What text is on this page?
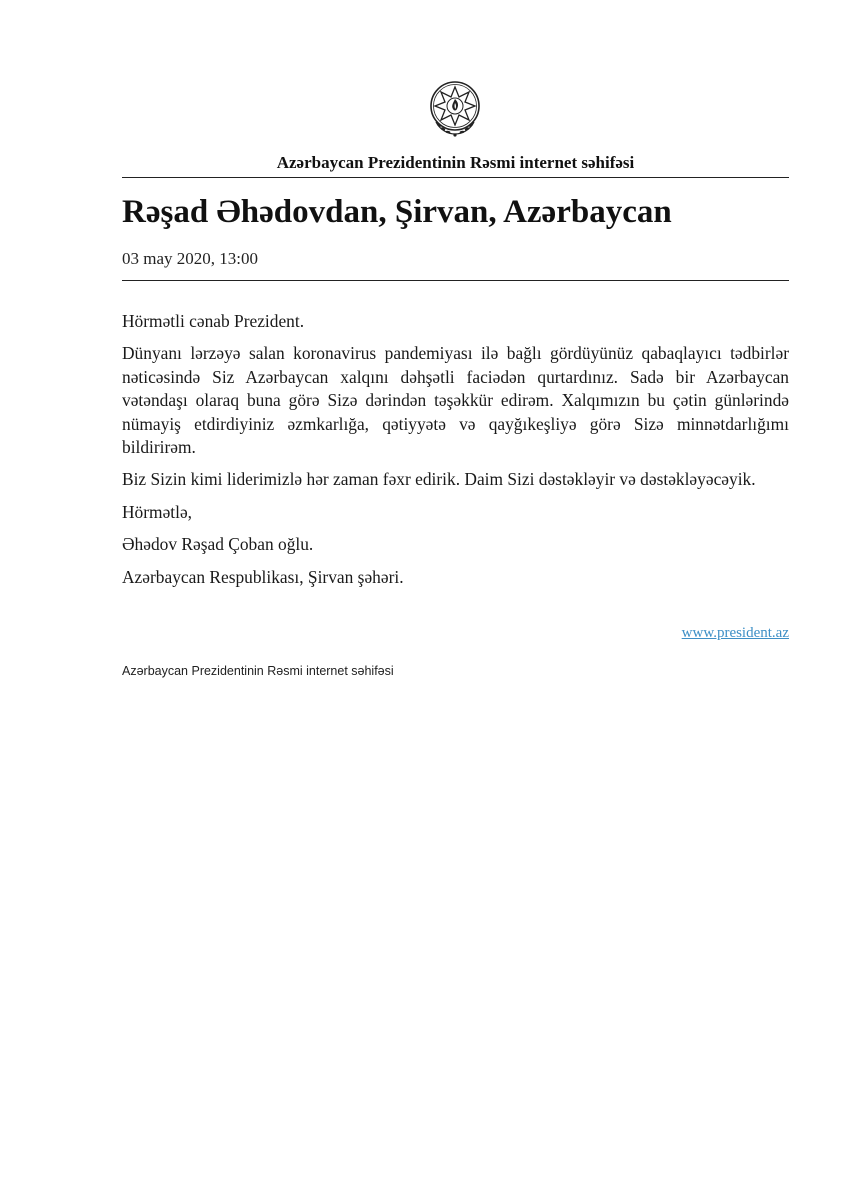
Azərbaycan Prezidentinin Rəsmi internet səhifəsi
Rəşad Əhədovdan, Şirvan, Azərbaycan
03 may 2020, 13:00

Hörmətli cənab Prezident.

Dünyanı lərzəyə salan koronavirus pandemiyası ilə bağlı gördüyünüz qabaqlayıcı tədbirlər nəticəsində Siz Azərbaycan xalqını dəhşətli faciədən qurtardınız. Sadə bir Azərbaycan vətəndaşı olaraq buna görə Sizə dərindən təşəkkür edirəm. Xalqımızın bu çətin günlərində nümayiş etdirdiyiniz əzmkarlığa, qətiyyətə və qayğıkeşliyə görə Sizə minnətdarlığımı bildirirəm.

Biz Sizin kimi liderimizlə hər zaman fəxr edirik. Daim Sizi dəstəkləyir və dəstəkləyəcəyik.

Hörmətlə,

Əhədov Rəşad Çoban oğlu.

Azərbaycan Respublikası, Şirvan şəhəri.

www.president.az
Azərbaycan Prezidentinin Rəsmi internet səhifəsi
